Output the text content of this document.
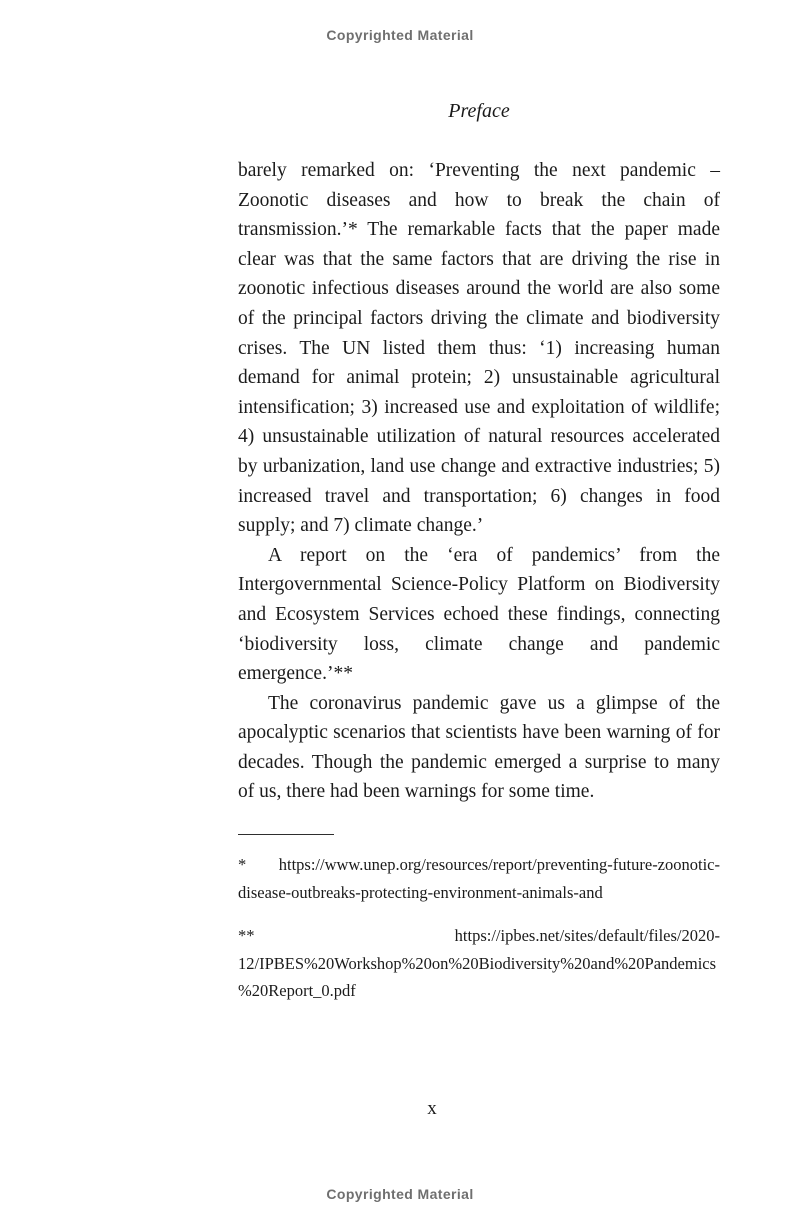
Copyrighted Material
Preface

barely remarked on: ‘Preventing the next pandemic – Zoonotic diseases and how to break the chain of transmission.’* The remarkable facts that the paper made clear was that the same factors that are driving the rise in zoonotic infectious diseases around the world are also some of the principal factors driving the climate and biodiversity crises. The UN listed them thus: ‘1) increasing human demand for animal protein; 2) unsustainable agricultural intensification; 3) increased use and exploitation of wildlife; 4) unsustainable utilization of natural resources accelerated by urbanization, land use change and extractive industries; 5) increased travel and transportation; 6) changes in food supply; and 7) climate change.’

A report on the ‘era of pandemics’ from the Intergovernmental Science-Policy Platform on Biodiversity and Ecosystem Services echoed these findings, connecting ‘biodiversity loss, climate change and pandemic emergence.’**

The coronavirus pandemic gave us a glimpse of the apocalyptic scenarios that scientists have been warning of for decades. Though the pandemic emerged a surprise to many of us, there had been warnings for some time.

* https://www.unep.org/resources/report/preventing-future-zoonotic-disease-outbreaks-protecting-environment-animals-and

** https://ipbes.net/sites/default/files/2020-12/IPBES%20Workshop%20on%20Biodiversity%20and%20Pandemics%20Report_0.pdf

x
Copyrighted Material
